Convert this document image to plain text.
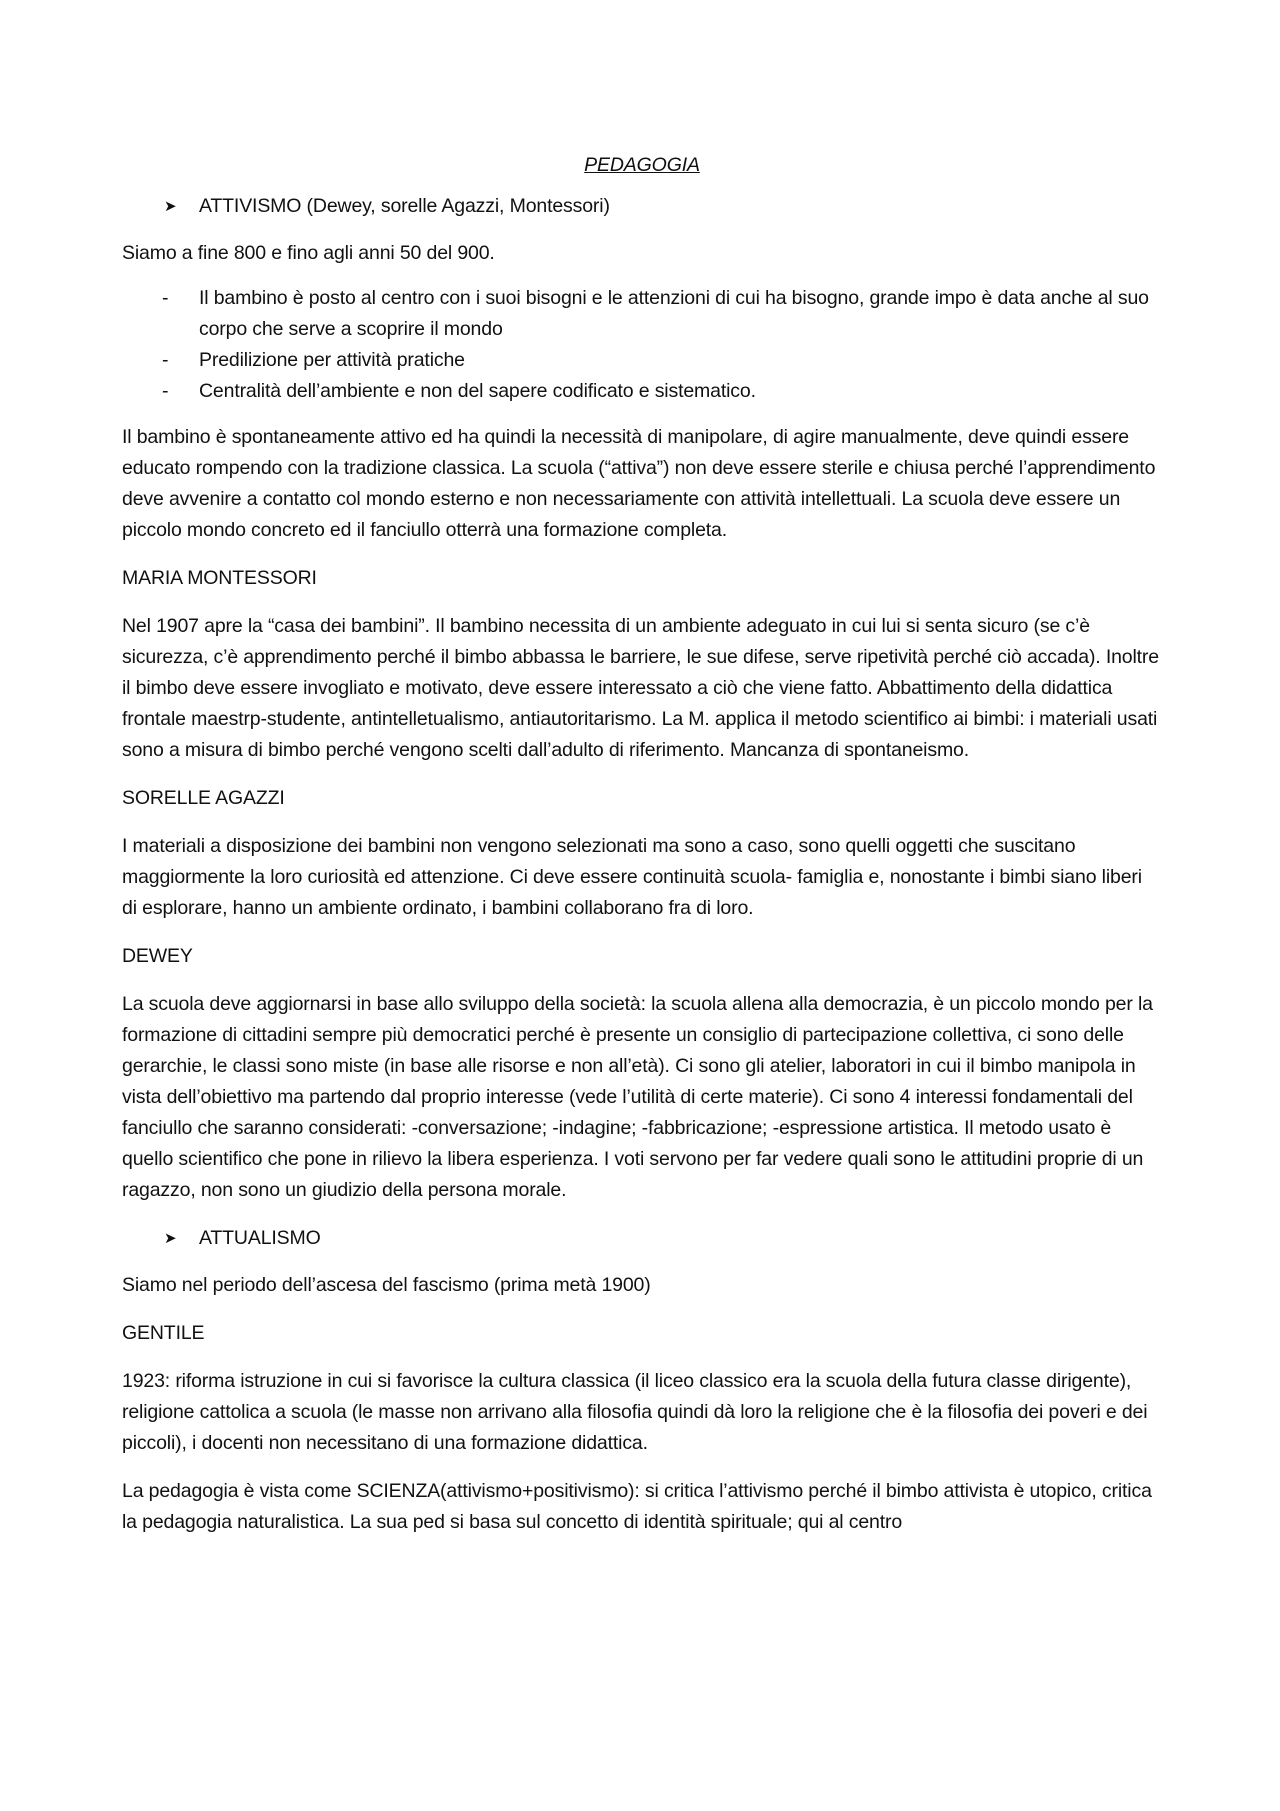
PEDAGOGIA
➤ ATTIVISMO (Dewey, sorelle Agazzi, Montessori)

Siamo a fine 800 e fino agli anni 50 del 900.

- Il bambino è posto al centro con i suoi bisogni e le attenzioni di cui ha bisogno, grande impo è data anche al suo corpo che serve a scoprire il mondo
- Predilizione per attività pratiche
- Centralità dell’ambiente e non del sapere codificato e sistematico.

Il bambino è spontaneamente attivo ed ha quindi la necessità di manipolare, di agire manualmente, deve quindi essere educato rompendo con la tradizione classica. La scuola (“attiva”) non deve essere sterile e chiusa perché l’apprendimento deve avvenire a contatto col mondo esterno e non necessariamente con attività intellettuali. La scuola deve essere un piccolo mondo concreto ed il fanciullo otterrà una formazione completa.

MARIA MONTESSORI

Nel 1907 apre la “casa dei bambini”. Il bambino necessita di un ambiente adeguato in cui lui si senta sicuro (se c’è sicurezza, c’è apprendimento perché il bimbo abbassa le barriere, le sue difese, serve ripetività perché ciò accada). Inoltre il bimbo deve essere invogliato e motivato, deve essere interessato a ciò che viene fatto. Abbattimento della didattica frontale maestrp-studente, antintelletualismo, antiautoritarismo. La M. applica il metodo scientifico ai bimbi: i materiali usati sono a misura di bimbo perché vengono scelti dall’adulto di riferimento. Mancanza di spontaneismo.

SORELLE AGAZZI

I materiali a disposizione dei bambini non vengono selezionati ma sono a caso, sono quelli oggetti che suscitano maggiormente la loro curiosità ed attenzione. Ci deve essere continuità scuola- famiglia e, nonostante i bimbi siano liberi di esplorare, hanno un ambiente ordinato, i bambini collaborano fra di loro.

DEWEY

La scuola deve aggiornarsi in base allo sviluppo della società: la scuola allena alla democrazia, è un piccolo mondo per la formazione di cittadini sempre più democratici perché è presente un consiglio di partecipazione collettiva, ci sono delle gerarchie, le classi sono miste (in base alle risorse e non all’età). Ci sono gli atelier, laboratori in cui il bimbo manipola in vista dell’obiettivo ma partendo dal proprio interesse (vede l’utilità di certe materie). Ci sono 4 interessi fondamentali del fanciullo che saranno considerati: -conversazione; -indagine; -fabbricazione; -espressione artistica. Il metodo usato è quello scientifico che pone in rilievo la libera esperienza. I voti servono per far vedere quali sono le attitudini proprie di un ragazzo, non sono un giudizio della persona morale.

➤ ATTUALISMO

Siamo nel periodo dell’ascesa del fascismo (prima metà 1900)

GENTILE

1923: riforma istruzione in cui si favorisce la cultura classica (il liceo classico era la scuola della futura classe dirigente), religione cattolica a scuola (le masse non arrivano alla filosofia quindi dà loro la religione che è la filosofia dei poveri e dei piccoli), i docenti non necessitano di una formazione didattica.

La pedagogia è vista come SCIENZA(attivismo+positivismo): si critica l’attivismo perché il bimbo attivista è utopico, critica la pedagogia naturalistica. La sua ped si basa sul concetto di identità spirituale; qui al centro
